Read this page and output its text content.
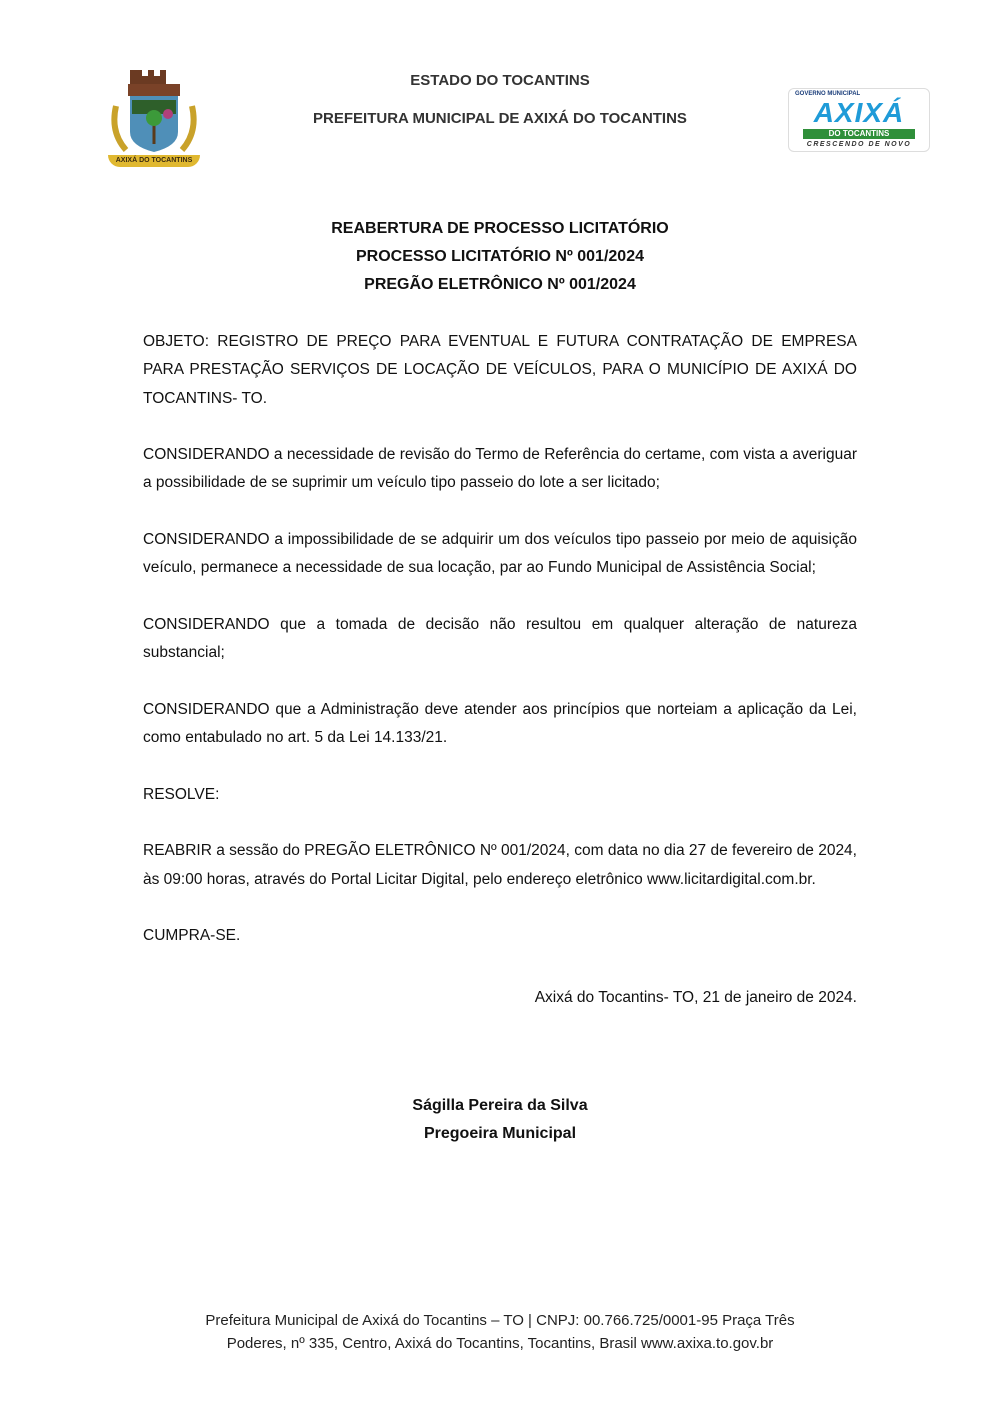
AXIXÁ DO TOCANTINS
ESTADO DO TOCANTINS
PREFEITURA MUNICIPAL DE AXIXÁ DO TOCANTINS
GOVERNO MUNICIPAL
AXIXÁ
DO TOCANTINS
CRESCENDO DE NOVO
REABERTURA DE PROCESSO LICITATÓRIO
PROCESSO LICITATÓRIO Nº 001/2024
PREGÃO ELETRÔNICO Nº 001/2024

OBJETO: REGISTRO DE PREÇO PARA EVENTUAL E FUTURA CONTRATAÇÃO DE EMPRESA PARA PRESTAÇÃO SERVIÇOS DE LOCAÇÃO DE VEÍCULOS, PARA O MUNICÍPIO DE AXIXÁ DO TOCANTINS- TO.

CONSIDERANDO a necessidade de revisão do Termo de Referência do certame, com vista a averiguar a possibilidade de se suprimir um veículo tipo passeio do lote a ser licitado;

CONSIDERANDO a impossibilidade de se adquirir um dos veículos tipo passeio por meio de aquisição veículo, permanece a necessidade de sua locação, par ao Fundo Municipal de Assistência Social;

CONSIDERANDO que a tomada de decisão não resultou em qualquer alteração de natureza substancial;

CONSIDERANDO que a Administração deve atender aos princípios que norteiam a aplicação da Lei, como entabulado no art. 5 da Lei 14.133/21.

RESOLVE:

REABRIR a sessão do PREGÃO ELETRÔNICO Nº 001/2024, com data no dia 27 de fevereiro de 2024, às 09:00 horas, através do Portal Licitar Digital, pelo endereço eletrônico www.licitardigital.com.br.

CUMPRA-SE.

Axixá do Tocantins- TO, 21 de janeiro de 2024.
Ságilla Pereira da Silva
Pregoeira Municipal
Prefeitura Municipal de Axixá do Tocantins – TO | CNPJ: 00.766.725/0001-95 Praça Três
Poderes, nº 335, Centro, Axixá do Tocantins, Tocantins, Brasil www.axixa.to.gov.br
